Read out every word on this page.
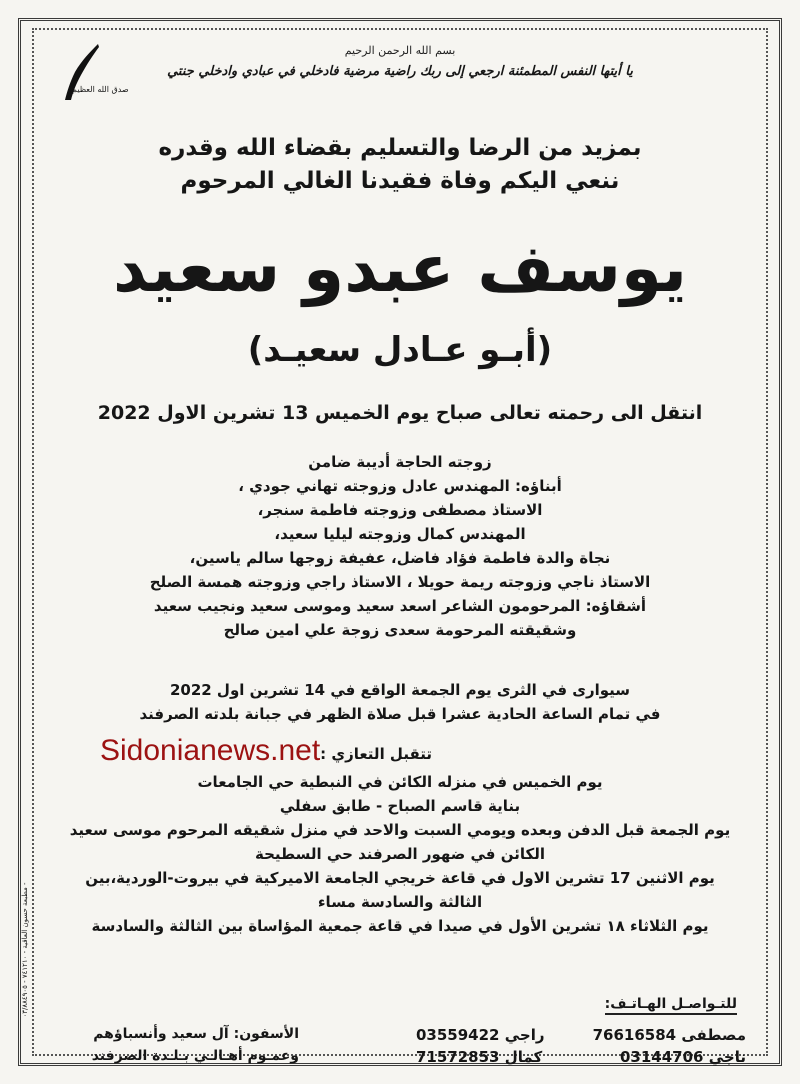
بسم الله الرحمن الرحيم
يا أيتها النفس المطمئنة ارجعي إلى ربك راضية مرضية فادخلي في عبادي وادخلي جنتي
صدق الله العظيم
بمزيد من الرضا والتسليم بقضاء الله وقدره
ننعي اليكم وفاة فقيدنا الغالي المرحوم
يوسف عبدو سعيد
(أبـو عـادل سعيـد)
انتقل الى رحمته تعالى صباح يوم الخميس 13 تشرين الاول 2022
زوجته الحاجة أديبة ضامن
أبناؤه: المهندس عادل وزوجته تهاني جودي ،
الاستاذ مصطفى وزوجته فاطمة سنجر،
المهندس كمال وزوجته ليليا سعيد،
نجاة والدة فاطمة فؤاد فاضل، عفيفة زوجها سالم ياسين،
الاستاذ ناجي وزوجته ريمة حويلا ، الاستاذ راجي وزوجته همسة الصلح
أشقاؤه: المرحومون الشاعر اسعد سعيد وموسى سعيد ونجيب سعيد
وشقيقته المرحومة سعدى زوجة علي امين صالح
سيوارى في الثرى يوم الجمعة الواقع في 14 تشرين اول 2022
في تمام الساعة الحادية عشرا قبل صلاة الظهر في جبانة بلدته الصرفند
تتقبل التعازي :
يوم الخميس في منزله الكائن في النبطية حي الجامعات
بناية قاسم الصباح - طابق سفلي
يوم الجمعة قبل الدفن وبعده ويومي السبت والاحد في منزل شقيقه المرحوم موسى سعيد
الكائن في ضهور الصرفند حي السطيحة
يوم الاثنين 17 تشرين الاول في قاعة خريجي الجامعة الاميركية في بيروت-الوردية،بين
الثالثة والسادسة مساء
يوم الثلاثاء ١٨ تشرين الأول في صيدا في قاعة جمعية المؤاساة بين الثالثة والسادسة
للتـواصـل الهـاتـف:
مصطفى 76616584
راجي 03559422
ناجي 03144706
كمال 71572853
الأسفون: آل سعيد وأنسباؤهم
وعمـوم أهـالـي بـلـدة الصرفند
Sidonianews.net
مطبعة حسون العاقية - ٧٤١٢١٠ - ٠٣/٨٨٤٩٠٥ -
